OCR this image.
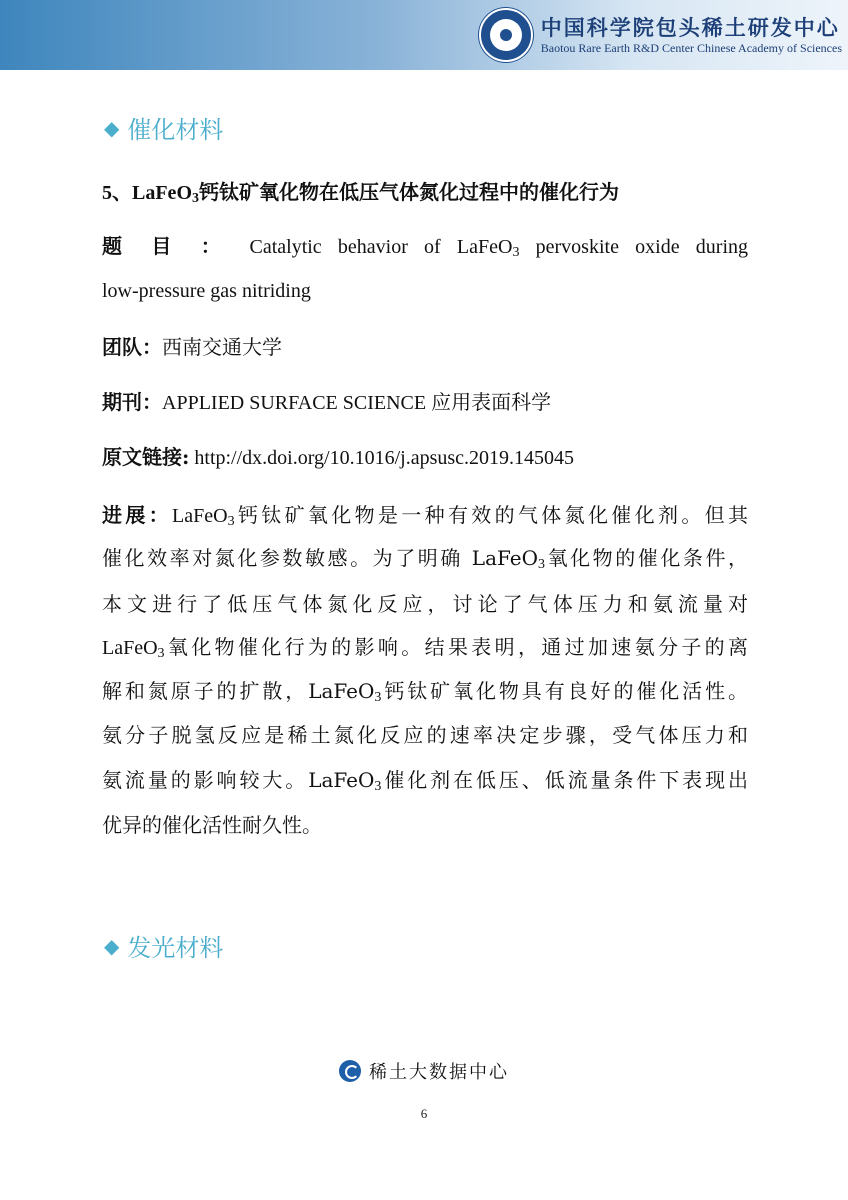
中国科学院包头稀土研发中心
Baotou Rare Earth R&D Center Chinese Academy of Sciences
◆ 催化材料
5、LaFeO$_3$钙钛矿氧化物在低压气体氮化过程中的催化行为
题 目 ： Catalytic behavior of LaFeO$_3$ pervoskite oxide during
low-pressure gas nitriding
团队：西南交通大学
期刊：APPLIED SURFACE SCIENCE 应用表面科学
原文链接: http://dx.doi.org/10.1016/j.apsusc.2019.145045
进展：LaFeO$_3$钙钛矿氧化物是一种有效的气体氮化催化剂。但其
催化效率对氮化参数敏感。为了明确 LaFeO$_3$氧化物的催化条件，
本文进行了低压气体氮化反应，讨论了气体压力和氨流量对
LaFeO$_3$氧化物催化行为的影响。结果表明，通过加速氨分子的离
解和氮原子的扩散，LaFeO$_3$钙钛矿氧化物具有良好的催化活性。
氨分子脱氢反应是稀土氮化反应的速率决定步骤，受气体压力和
氨流量的影响较大。LaFeO$_3$催化剂在低压、低流量条件下表现出
优异的催化活性耐久性。
◆ 发光材料
稀土大数据中心
6
